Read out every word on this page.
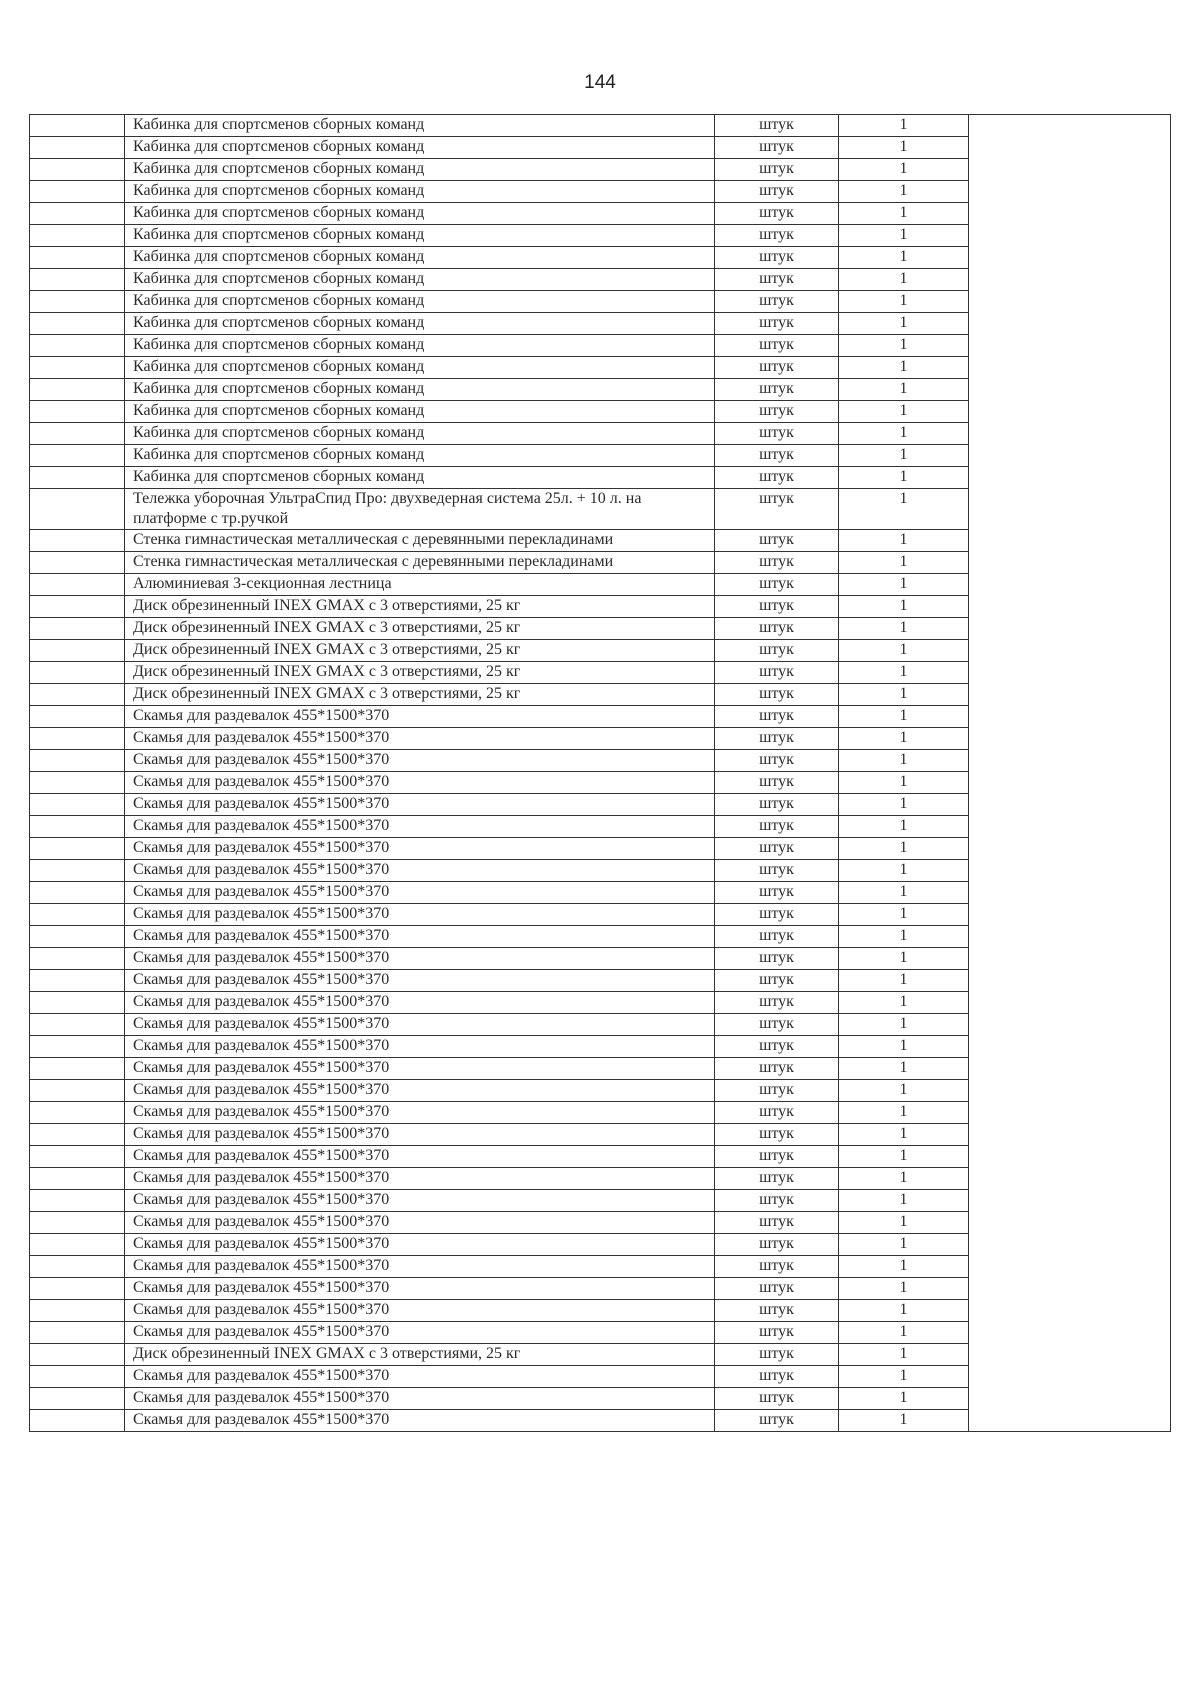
144
	Кабинка для спортсменов сборных команд	штук	1	
	Кабинка для спортсменов сборных команд	штук	1	
	Кабинка для спортсменов сборных команд	штук	1	
	Кабинка для спортсменов сборных команд	штук	1	
	Кабинка для спортсменов сборных команд	штук	1	
	Кабинка для спортсменов сборных команд	штук	1	
	Кабинка для спортсменов сборных команд	штук	1	
	Кабинка для спортсменов сборных команд	штук	1	
	Кабинка для спортсменов сборных команд	штук	1	
	Кабинка для спортсменов сборных команд	штук	1	
	Кабинка для спортсменов сборных команд	штук	1	
	Кабинка для спортсменов сборных команд	штук	1	
	Кабинка для спортсменов сборных команд	штук	1	
	Кабинка для спортсменов сборных команд	штук	1	
	Кабинка для спортсменов сборных команд	штук	1	
	Кабинка для спортсменов сборных команд	штук	1	
	Кабинка для спортсменов сборных команд	штук	1	
	Тележка уборочная УльтраСпид Про: двухведерная система 25л. + 10 л. на платформе с тр.ручкой	штук	1	
	Стенка гимнастическая металлическая с деревянными перекладинами	штук	1	
	Стенка гимнастическая металлическая с деревянными перекладинами	штук	1	
	Алюминиевая 3-секционная лестница	штук	1	
	Диск обрезиненный INEX GMAX с 3 отверстиями, 25 кг	штук	1	
	Диск обрезиненный INEX GMAX с 3 отверстиями, 25 кг	штук	1	
	Диск обрезиненный INEX GMAX с 3 отверстиями, 25 кг	штук	1	
	Диск обрезиненный INEX GMAX с 3 отверстиями, 25 кг	штук	1	
	Диск обрезиненный INEX GMAX с 3 отверстиями, 25 кг	штук	1	
	Скамья для раздевалок 455*1500*370	штук	1	
	Скамья для раздевалок 455*1500*370	штук	1	
	Скамья для раздевалок 455*1500*370	штук	1	
	Скамья для раздевалок 455*1500*370	штук	1	
	Скамья для раздевалок 455*1500*370	штук	1	
	Скамья для раздевалок 455*1500*370	штук	1	
	Скамья для раздевалок 455*1500*370	штук	1	
	Скамья для раздевалок 455*1500*370	штук	1	
	Скамья для раздевалок 455*1500*370	штук	1	
	Скамья для раздевалок 455*1500*370	штук	1	
	Скамья для раздевалок 455*1500*370	штук	1	
	Скамья для раздевалок 455*1500*370	штук	1	
	Скамья для раздевалок 455*1500*370	штук	1	
	Скамья для раздевалок 455*1500*370	штук	1	
	Скамья для раздевалок 455*1500*370	штук	1	
	Скамья для раздевалок 455*1500*370	штук	1	
	Скамья для раздевалок 455*1500*370	штук	1	
	Скамья для раздевалок 455*1500*370	штук	1	
	Скамья для раздевалок 455*1500*370	штук	1	
	Скамья для раздевалок 455*1500*370	штук	1	
	Скамья для раздевалок 455*1500*370	штук	1	
	Скамья для раздевалок 455*1500*370	штук	1	
	Скамья для раздевалок 455*1500*370	штук	1	
	Скамья для раздевалок 455*1500*370	штук	1	
	Скамья для раздевалок 455*1500*370	штук	1	
	Скамья для раздевалок 455*1500*370	штук	1	
	Скамья для раздевалок 455*1500*370	штук	1	
	Скамья для раздевалок 455*1500*370	штук	1	
	Скамья для раздевалок 455*1500*370	штук	1	
	Диск обрезиненный INEX GMAX с 3 отверстиями, 25 кг	штук	1	
	Скамья для раздевалок 455*1500*370	штук	1	
	Скамья для раздевалок 455*1500*370	штук	1	
	Скамья для раздевалок 455*1500*370	штук	1	
